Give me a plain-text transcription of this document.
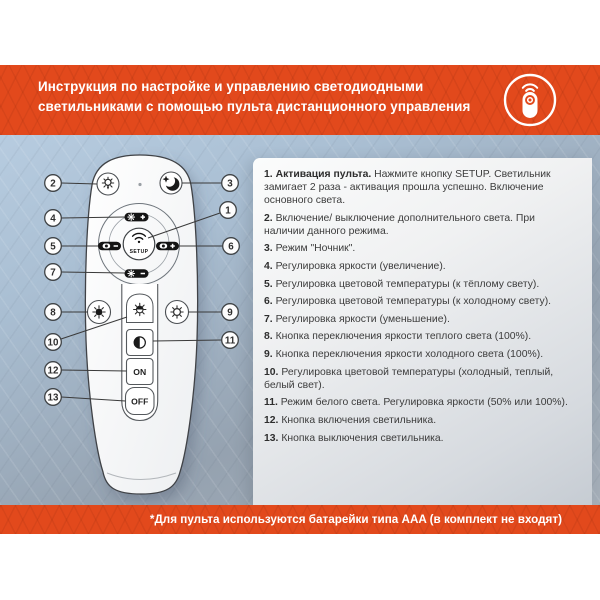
Инструкция по настройке и управлению светодиодными
светильниками с помощью пульта дистанционного управления

1. Активация пульта. Нажмите кнопку SETUP. Светильник замигает 2 раза - активация прошла успешно. Включение основного света.

2. Включение/ выключение дополнительного света. При наличии данного режима.

3. Режим "Ночник".

4. Регулировка яркости (увеличение).

5. Регулировка цветовой температуры (к тёплому свету).

6. Регулировка цветовой температуры (к холодному свету).

7. Регулировка яркости (уменьшение).

8. Кнопка переключения яркости теплого света (100%).

9. Кнопка переключения яркости холодного света (100%).

10. Регулировка цветовой температуры (холодный, теплый, белый свет).

11. Режим белого света. Регулировка яркости (50% или 100%).

12. Кнопка включения светильника.

13. Кнопка выключения светильника.

SETUP
ON
OFF
1
2	3
4
5	6
7
8	9
10	11
12
13
*Для пульта используются батарейки типа AAA (в комплект не входят)
